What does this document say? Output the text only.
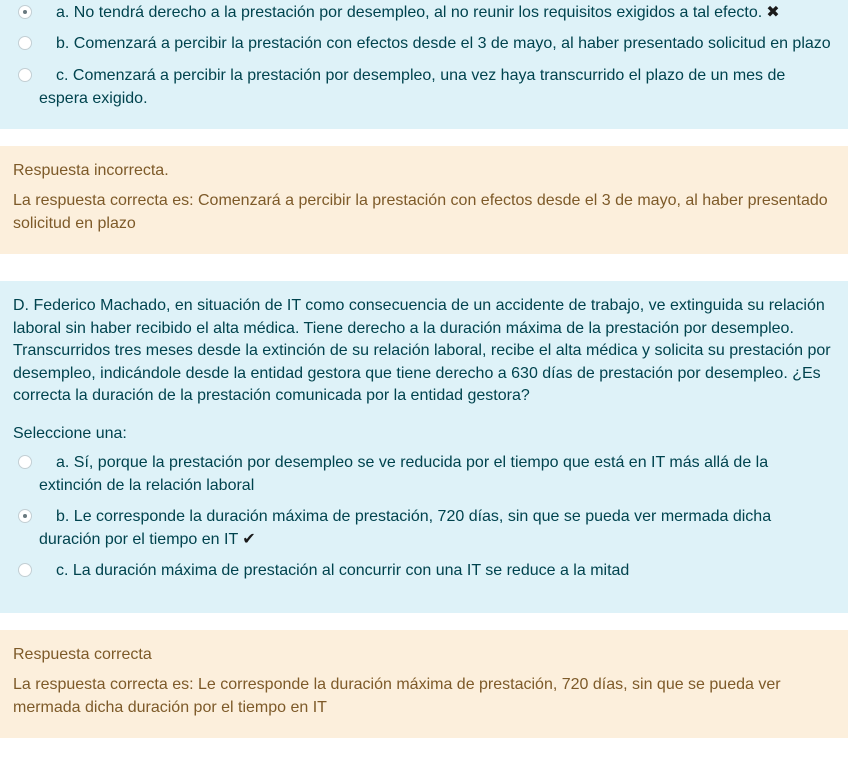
a. No tendrá derecho a la prestación por desempleo, al no reunir los requisitos exigidos a tal efecto. ✖
b. Comenzará a percibir la prestación con efectos desde el 3 de mayo, al haber presentado solicitud en plazo
c. Comenzará a percibir la prestación por desempleo, una vez haya transcurrido el plazo de un mes de espera exigido.

Respuesta incorrecta.

La respuesta correcta es: Comenzará a percibir la prestación con efectos desde el 3 de mayo, al haber presentado solicitud en plazo

D. Federico Machado, en situación de IT como consecuencia de un accidente de trabajo, ve extinguida su relación laboral sin haber recibido el alta médica. Tiene derecho a la duración máxima de la prestación por desempleo. Transcurridos tres meses desde la extinción de su relación laboral, recibe el alta médica y solicita su prestación por desempleo, indicándole desde la entidad gestora que tiene derecho a 630 días de prestación por desempleo. ¿Es correcta la duración de la prestación comunicada por la entidad gestora?

Seleccione una:

a. Sí, porque la prestación por desempleo se ve reducida por el tiempo que está en IT más allá de la extinción de la relación laboral
b. Le corresponde la duración máxima de prestación, 720 días, sin que se pueda ver mermada dicha duración por el tiempo en IT ✔
c. La duración máxima de prestación al concurrir con una IT se reduce a la mitad

Respuesta correcta

La respuesta correcta es: Le corresponde la duración máxima de prestación, 720 días, sin que se pueda ver mermada dicha duración por el tiempo en IT
